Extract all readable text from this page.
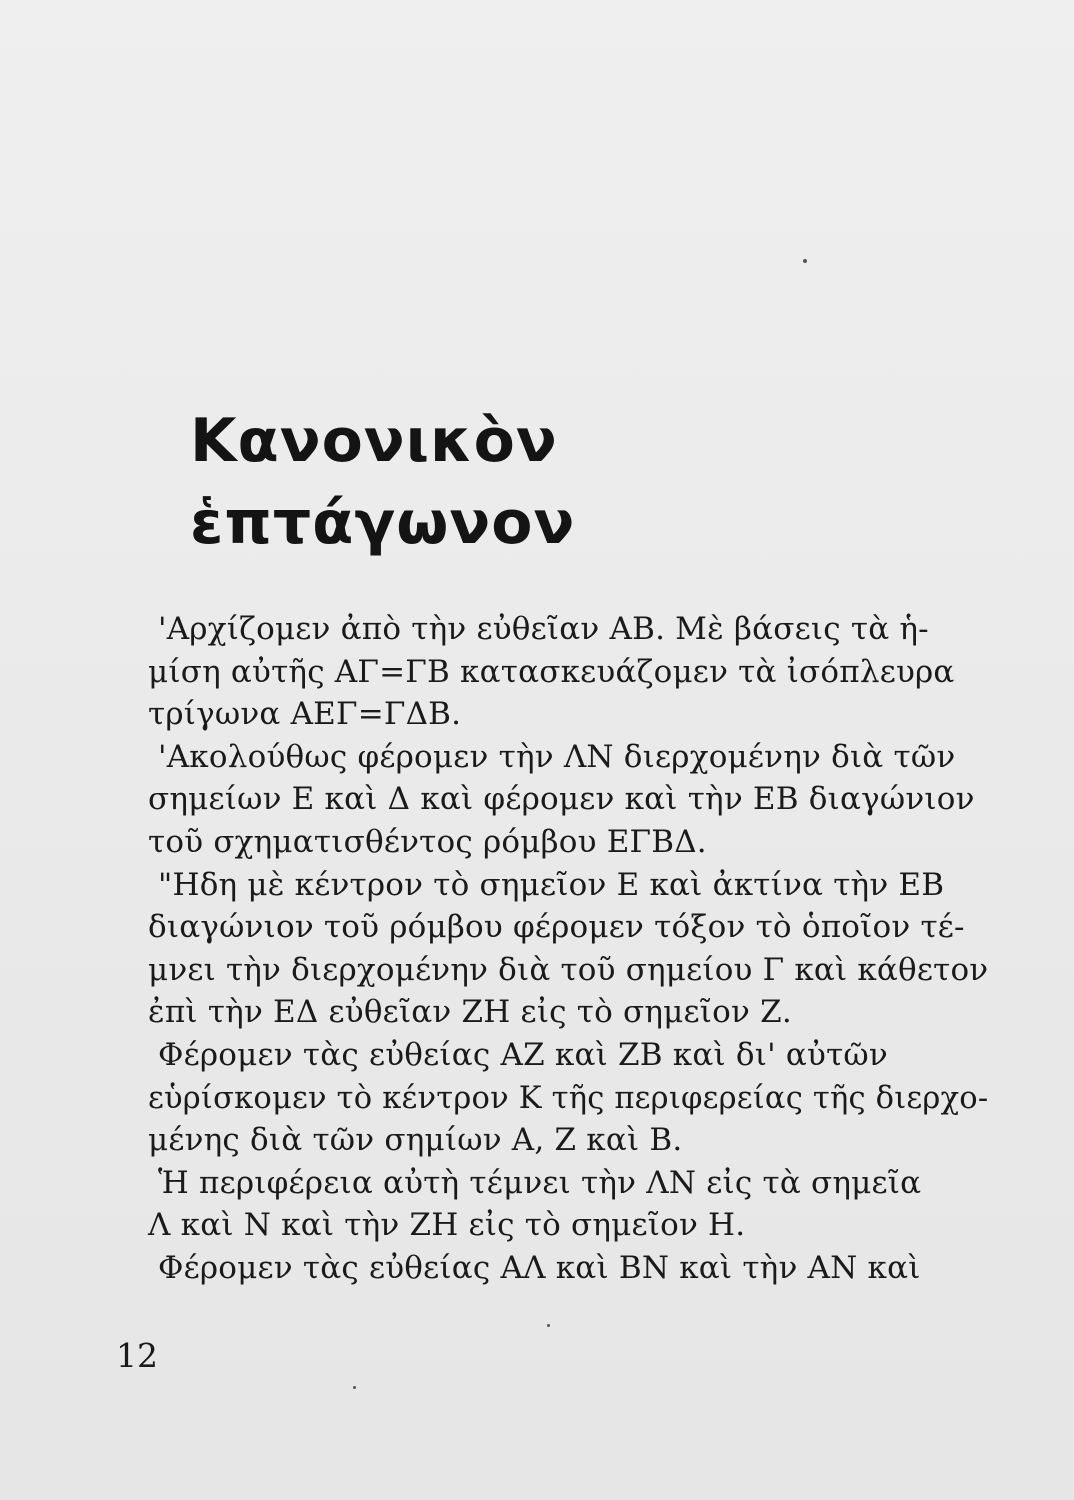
Κανονικὸν
ἑπτάγωνον
'Αρχίζομεν ἀπὸ τὴν εὐθεῖαν ΑΒ. Μὲ βάσεις τὰ ἡ-
μίση αὐτῆς ΑΓ=ΓΒ κατασκευάζομεν τὰ ἰσόπλευρα
τρίγωνα ΑΕΓ=ΓΔΒ.
'Ακολούθως φέρομεν τὴν ΛΝ διερχομένην διὰ τῶν
σημείων Ε καὶ Δ καὶ φέρομεν καὶ τὴν ΕΒ διαγώνιον
τοῦ σχηματισθέντος ρόμβου ΕΓΒΔ.
"Ηδη μὲ κέντρον τὸ σημεῖον Ε καὶ ἀκτίνα τὴν ΕΒ
διαγώνιον τοῦ ρόμβου φέρομεν τόξον τὸ ὁποῖον τέ-
μνει τὴν διερχομένην διὰ τοῦ σημείου Γ καὶ κάθετον
ἐπὶ τὴν ΕΔ εὐθεῖαν ΖΗ εἰς τὸ σημεῖον Ζ.
Φέρομεν τὰς εὐθείας ΑΖ καὶ ΖΒ καὶ δι' αὐτῶν
εὑρίσκομεν τὸ κέντρον Κ τῆς περιφερείας τῆς διερχο-
μένης διὰ τῶν σημίων Α, Ζ καὶ Β.
Ἡ περιφέρεια αὐτὴ τέμνει τὴν ΛΝ εἰς τὰ σημεῖα
Λ καὶ Ν καὶ τὴν ΖΗ εἰς τὸ σημεῖον Η.
Φέρομεν τὰς εὐθείας ΑΛ καὶ ΒΝ καὶ τὴν ΑΝ καὶ
12
